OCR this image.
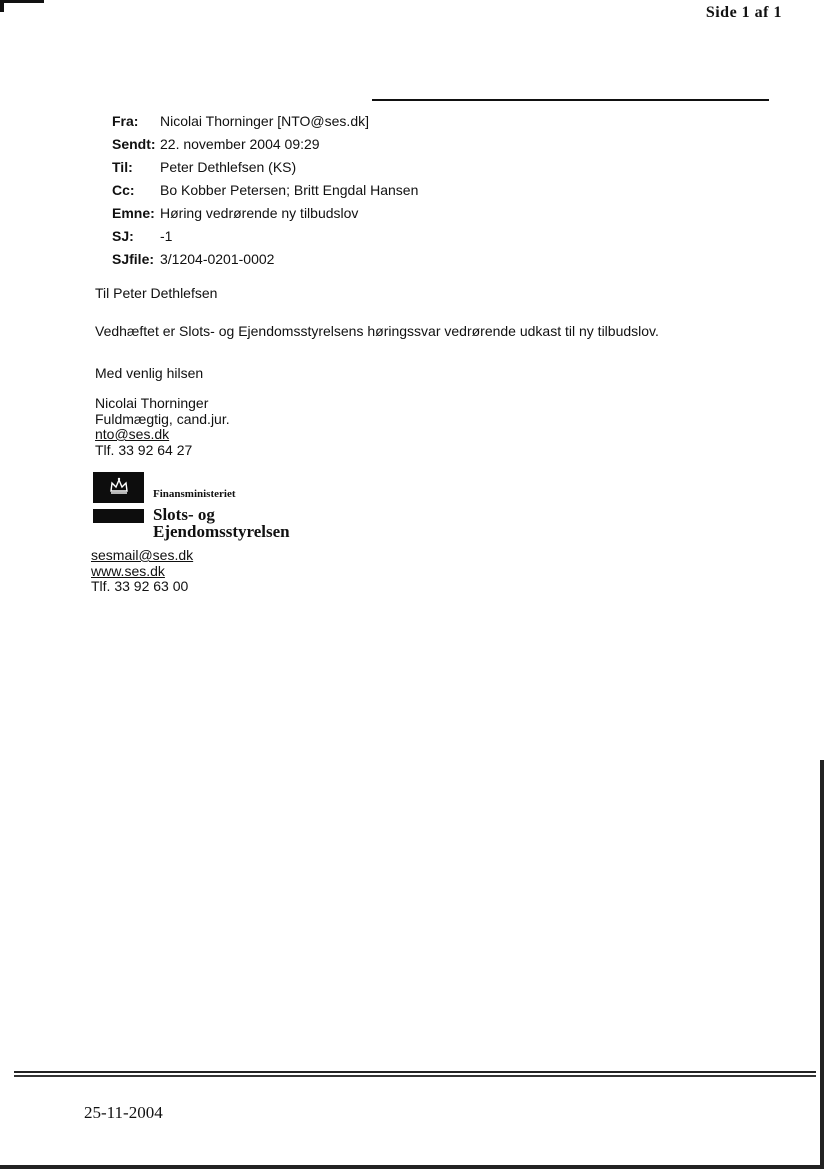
Side 1 af 1
Fra:	Nicolai Thorninger [NTO@ses.dk]
Sendt: 22. november 2004 09:29
Til:	Peter Dethlefsen (KS)
Cc:	Bo Kobber Petersen; Britt Engdal Hansen
Emne: Høring vedrørende ny tilbudslov
SJ:	-1
SJfile: 3/1204-0201-0002
Til Peter Dethlefsen
Vedhæftet er Slots- og Ejendomsstyrelsens høringssvar vedrørende udkast til ny tilbudslov.
Med venlig hilsen
Nicolai Thorninger
Fuldmægtig, cand.jur.
nto@ses.dk
Tlf. 33 92 64 27
Finansministeriet
Slots- og
Ejendomsstyrelsen
sesmail@ses.dk
www.ses.dk
Tlf. 33 92 63 00
25-11-2004
